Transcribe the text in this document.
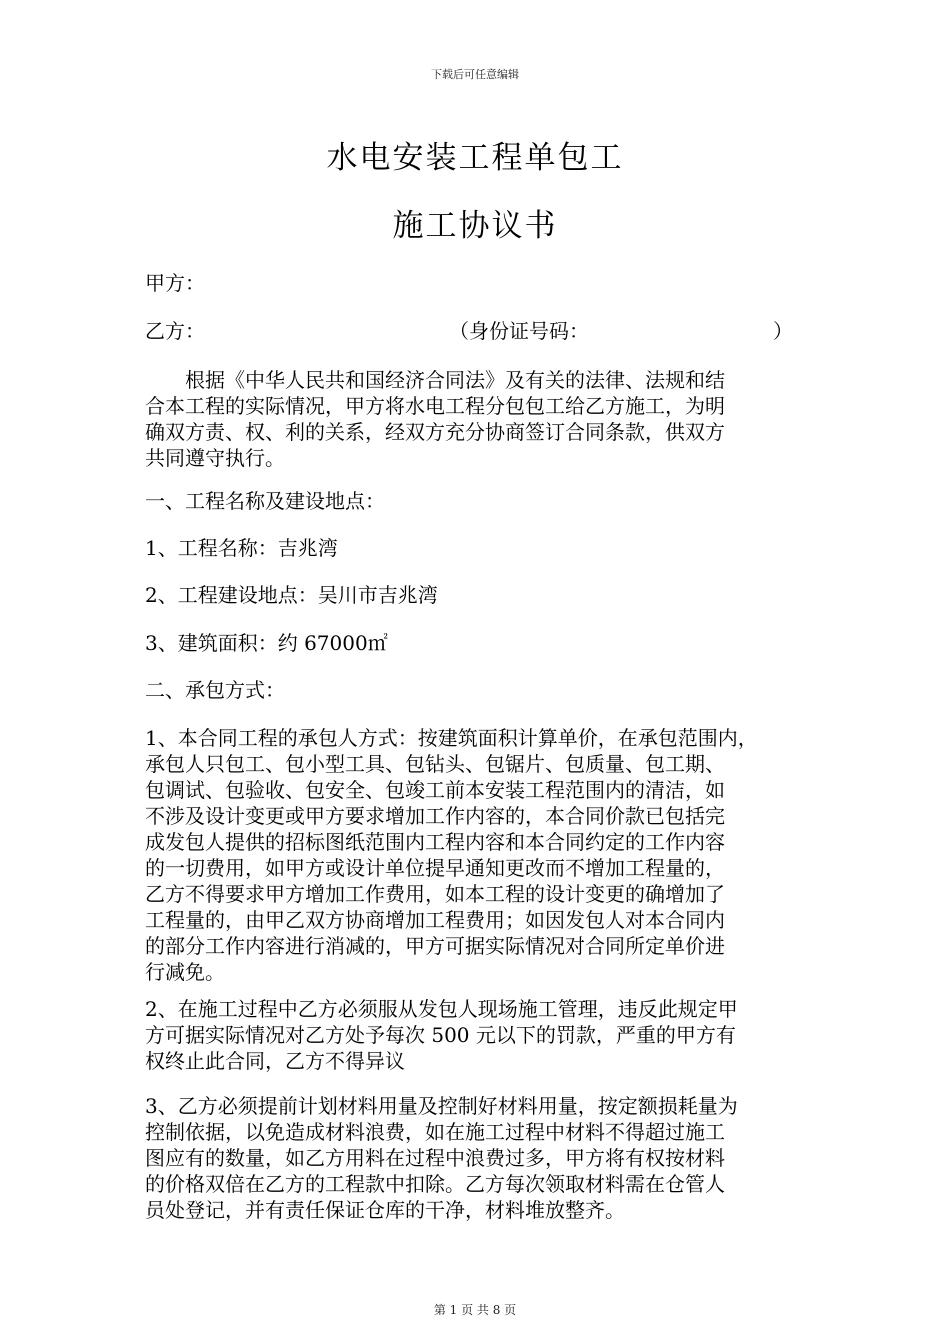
下载后可任意编辑
水电安装工程单包工
施工协议书
甲方：
乙方：	（身份证号码：	）
　　根据《中华人民共和国经济合同法》及有关的法律、法规和结
合本工程的实际情况，甲方将水电工程分包包工给乙方施工，为明
确双方责、权、利的关系，经双方充分协商签订合同条款，供双方
共同遵守执行。
一、工程名称及建设地点：
1、工程名称：吉兆湾
2、工程建设地点：吴川市吉兆湾
3、建筑面积：约 67000㎡
二、承包方式：
1、本合同工程的承包人方式：按建筑面积计算单价，在承包范围内，
承包人只包工、包小型工具、包钻头、包锯片、包质量、包工期、
包调试、包验收、包安全、包竣工前本安装工程范围内的清洁，如
不涉及设计变更或甲方要求增加工作内容的，本合同价款已包括完
成发包人提供的招标图纸范围内工程内容和本合同约定的工作内容
的一切费用，如甲方或设计单位提早通知更改而不增加工程量的，
乙方不得要求甲方增加工作费用，如本工程的设计变更的确增加了
工程量的，由甲乙双方协商增加工程费用；如因发包人对本合同内
的部分工作内容进行消减的，甲方可据实际情况对合同所定单价进
行减免。
2、在施工过程中乙方必须服从发包人现场施工管理，违反此规定甲
方可据实际情况对乙方处予每次 500 元以下的罚款，严重的甲方有
权终止此合同，乙方不得异议
3、乙方必须提前计划材料用量及控制好材料用量，按定额损耗量为
控制依据，以免造成材料浪费，如在施工过程中材料不得超过施工
图应有的数量，如乙方用料在过程中浪费过多，甲方将有权按材料
的价格双倍在乙方的工程款中扣除。乙方每次领取材料需在仓管人
员处登记，并有责任保证仓库的干净，材料堆放整齐。
第 1 页 共 8 页
